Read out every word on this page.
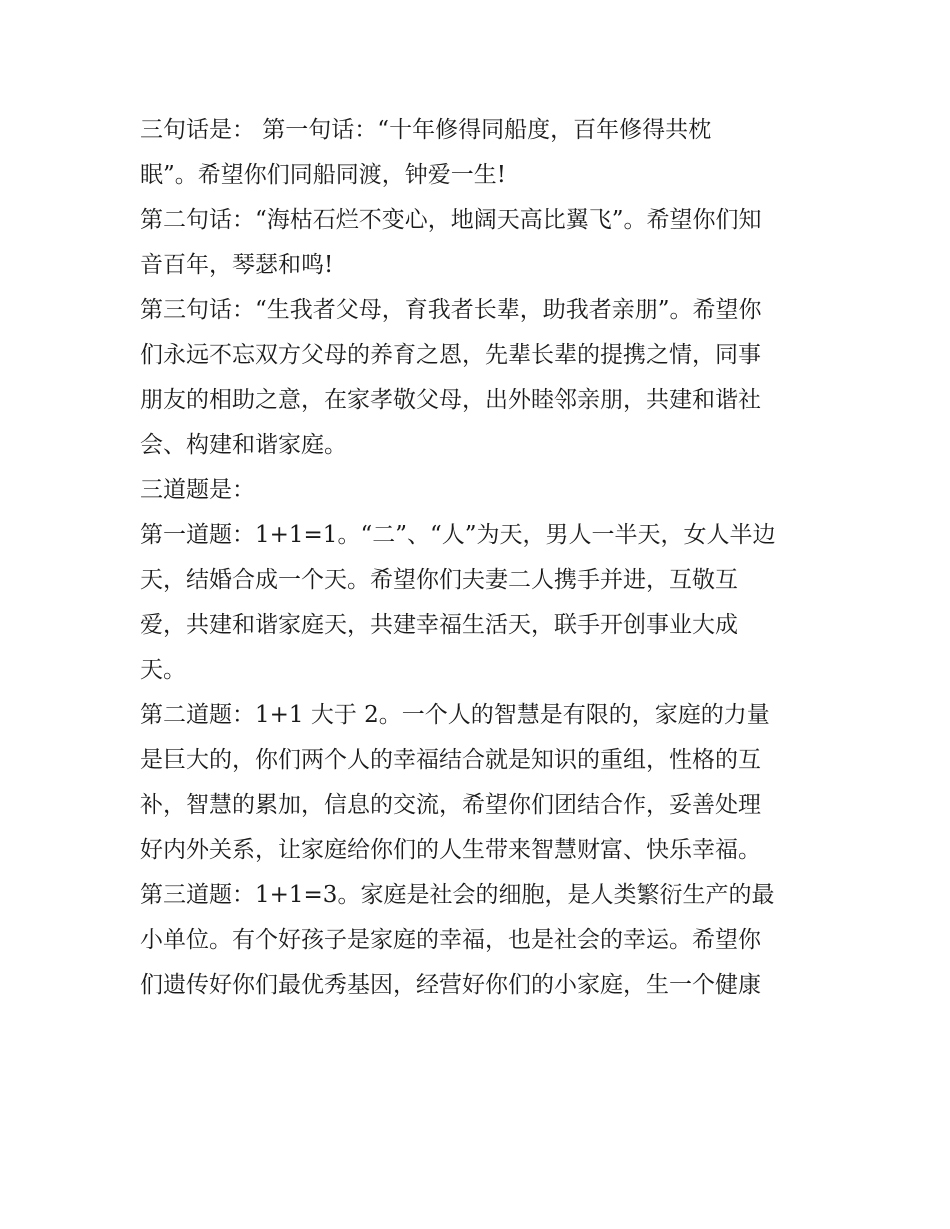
三句话是： 第一句话：“十年修得同船度，百年修得共枕
眠”。希望你们同船同渡，钟爱一生!
第二句话：“海枯石烂不变心，地阔天高比翼飞”。希望你们知
音百年，琴瑟和鸣!
第三句话：“生我者父母，育我者长辈，助我者亲朋”。希望你
们永远不忘双方父母的养育之恩，先辈长辈的提携之情，同事
朋友的相助之意，在家孝敬父母，出外睦邻亲朋，共建和谐社
会、构建和谐家庭。
三道题是：
第一道题：1+1=1。“二”、“人”为天，男人一半天，女人半边
天，结婚合成一个天。希望你们夫妻二人携手并进，互敬互
爱，共建和谐家庭天，共建幸福生活天，联手开创事业大成
天。
第二道题：1+1 大于 2。一个人的智慧是有限的，家庭的力量
是巨大的，你们两个人的幸福结合就是知识的重组，性格的互
补，智慧的累加，信息的交流，希望你们团结合作，妥善处理
好内外关系，让家庭给你们的人生带来智慧财富、快乐幸福。
第三道题：1+1=3。家庭是社会的细胞，是人类繁衍生产的最
小单位。有个好孩子是家庭的幸福，也是社会的幸运。希望你
们遗传好你们最优秀基因，经营好你们的小家庭，生一个健康
